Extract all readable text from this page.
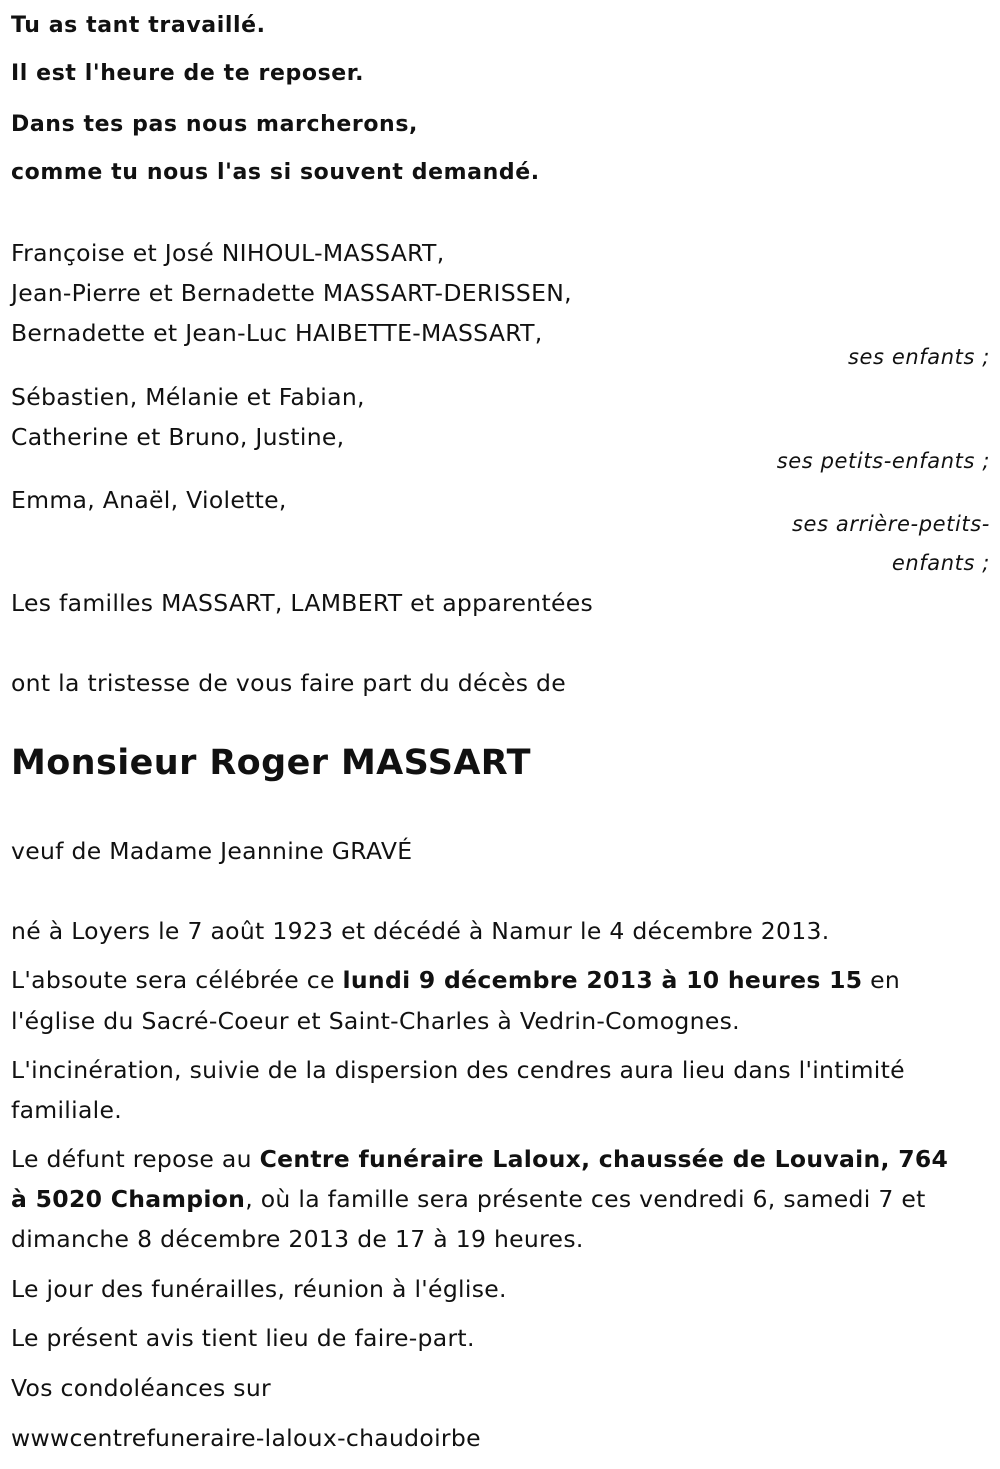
Tu as tant travaillé.
Il est l'heure de te reposer.
Dans tes pas nous marcherons,
comme tu nous l'as si souvent demandé.
Françoise et José NIHOUL-MASSART,
Jean-Pierre et Bernadette MASSART-DERISSEN,
Bernadette et Jean-Luc HAIBETTE-MASSART,
ses enfants ;
Sébastien, Mélanie et Fabian,
Catherine et Bruno, Justine,
ses petits-enfants ;
Emma, Anaël, Violette,
ses arrière-petits-
enfants ;
Les familles MASSART, LAMBERT et apparentées
ont la tristesse de vous faire part du décès de
Monsieur Roger MASSART
veuf de Madame Jeannine GRAVÉ
né à Loyers le 7 août 1923 et décédé à Namur le 4 décembre 2013.
L'absoute sera célébrée ce lundi 9 décembre 2013 à 10 heures 15 en
l'église du Sacré-Coeur et Saint-Charles à Vedrin-Comognes.
L'incinération, suivie de la dispersion des cendres aura lieu dans l'intimité
familiale.
Le défunt repose au Centre funéraire Laloux, chaussée de Louvain, 764
à 5020 Champion, où la famille sera présente ces vendredi 6, samedi 7 et
dimanche 8 décembre 2013 de 17 à 19 heures.
Le jour des funérailles, réunion à l'église.
Le présent avis tient lieu de faire-part.
Vos condoléances sur
wwwcentrefuneraire-laloux-chaudoirbe
